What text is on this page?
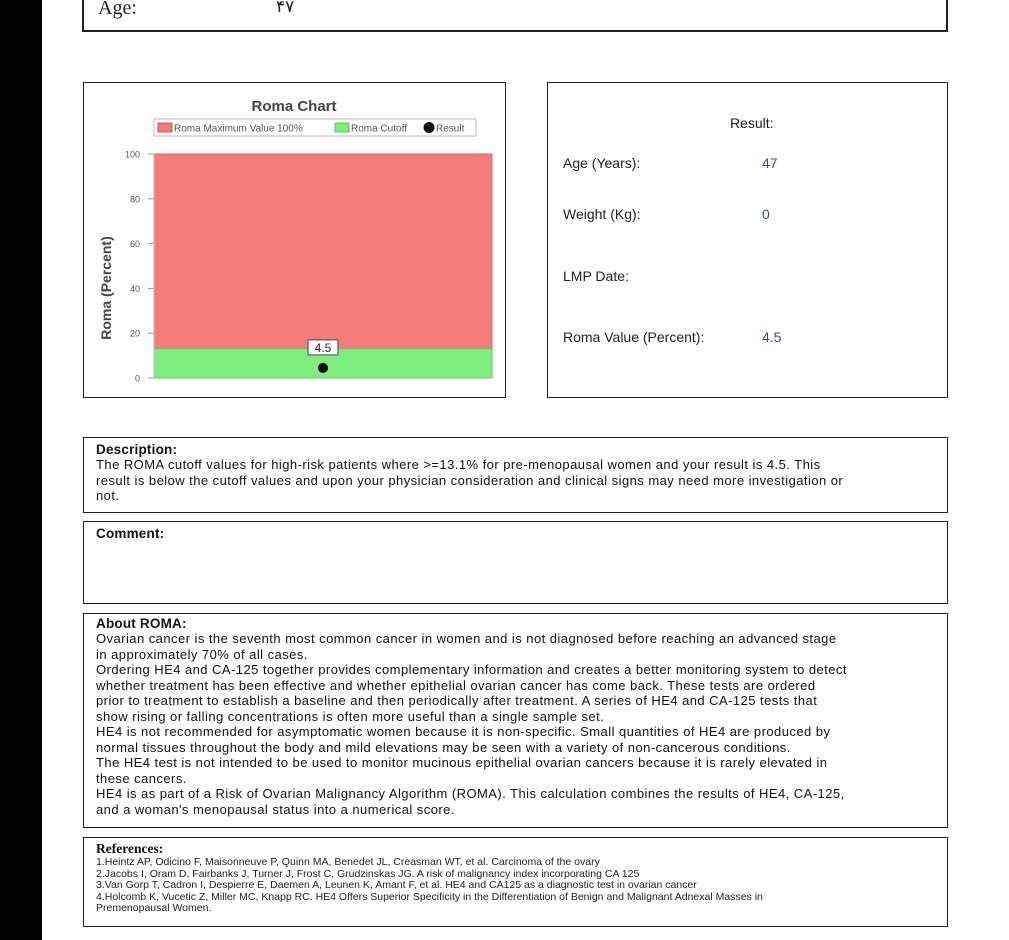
Age:	۴۷
Roma Chart
Roma Maximum Value 100%	Roma Cutoff	Result
Roma (Percent)
0
20
40
60
80
100
4.5
Result:
Age (Years):	47
Weight (Kg):	0
LMP Date:
Roma Value (Percent):	4.5
Description:
The ROMA cutoff values for high-risk patients where >=13.1% for pre-menopausal women and your result is 4.5. This
result is below the cutoff values and upon your physician consideration and clinical signs may need more investigation or
not.
Comment:
About ROMA:

Ovarian cancer is the seventh most common cancer in women and is not diagnosed before reaching an advanced stage

in approximately 70% of all cases.

Ordering HE4 and CA-125 together provides complementary information and creates a better monitoring system to detect

whether treatment has been effective and whether epithelial ovarian cancer has come back. These tests are ordered

prior to treatment to establish a baseline and then periodically after treatment. A series of HE4 and CA-125 tests that

show rising or falling concentrations is often more useful than a single sample set.

HE4 is not recommended for asymptomatic women because it is non-specific. Small quantities of HE4 are produced by

normal tissues throughout the body and mild elevations may be seen with a variety of non-cancerous conditions.

The HE4 test is not intended to be used to monitor mucinous epithelial ovarian cancers because it is rarely elevated in

these cancers.

HE4 is as part of a Risk of Ovarian Malignancy Algorithm (ROMA). This calculation combines the results of HE4, CA-125,

and a woman's menopausal status into a numerical score.

References:
1.Heintz AP, Odicino F, Maisonneuve P, Quinn MA, Benedet JL, Creasman WT, et al. Carcinoma of the ovary
2.Jacobs I, Oram D, Fairbanks J, Turner J, Frost C, Grudzinskas JG. A risk of malignancy index incorporating CA 125
3.Van Gorp T, Cadron I, Despierre E, Daemen A, Leunen K, Amant F, et al. HE4 and CA125 as a diagnostic test in ovarian cancer
4.Holcomb K, Vucetic Z, Miller MC, Knapp RC. HE4 Offers Superior Specificity in the Differentiation of Benign and Malignant Adnexal Masses in
Premenopausal Women.
